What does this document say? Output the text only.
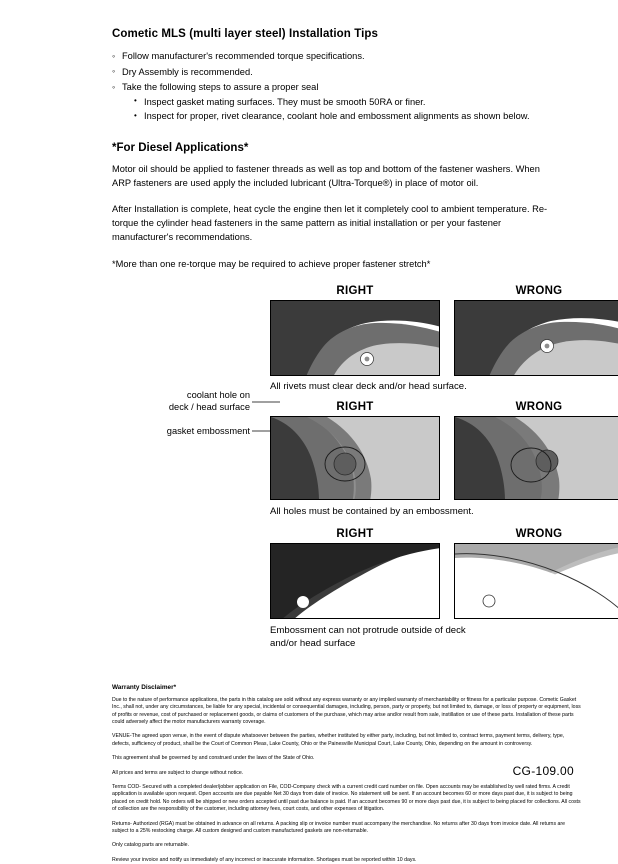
Cometic MLS (multi layer steel) Installation Tips
◦ Follow manufacturer's recommended torque specifications.
◦ Dry Assembly is recommended.
◦ Take the following steps to assure a proper seal
• Inspect gasket mating surfaces. They must be smooth 50RA or finer.
• Inspect for proper, rivet clearance, coolant hole and embossment alignments as shown below.
*For Diesel Applications*

Motor oil should be applied to fastener threads as well as top and bottom of the fastener washers. When ARP fasteners are used apply the included lubricant (Ultra-Torque®) in place of motor oil.

After Installation is complete, heat cycle the engine then let it completely cool to ambient temperature. Re-torque the cylinder head fasteners in the same pattern as initial installation or per your fastener manufacturer's recommendations.

*More than one re-torque may be required to achieve proper fastener stretch*

coolant hole on
deck / head surface
gasket embossment
RIGHT	WRONG
All rivets must clear deck and/or head surface.
RIGHT	WRONG
All holes must be contained by an embossment.
RIGHT	WRONG
Embossment can not protrude outside of deck
and/or head surface
Warranty Disclaimer*

Due to the nature of performance applications, the parts in this catalog are sold without any express warranty or any implied warranty of merchantability or fitness for a particular purpose. Cometic Gasket Inc., shall not, under any circumstances, be liable for any special, incidental or consequential damages, including, person, party or property, but not limited to, damage, or loss of property or equipment, loss of profits or revenue, cost of purchased or replacement goods, or claims of customers of the purchase, which may arise and/or result from sale, instillation or use of these parts. Installation of these parts could adversely affect the motor manufacturers warranty coverage.

VENUE-The agreed upon venue, in the event of dispute whatsoever between the parties, whether instituted by either party, including, but not limited to, contract terms, payment terms, delivery, type, defects, sufficiency of product, shall be the Court of Common Pleas, Lake County, Ohio or the Painesville Municipal Court, Lake County, Ohio, depending on the amount in controversy.

This agreement shall be governed by and construed under the laws of the State of Ohio.

All prices and terms are subject to change without notice.

Terms COD- Secured with a completed dealer/jobber application on File, COD-Company check with a current credit card number on file. Open accounts may be established by well rated firms. A credit application is available upon request. Open accounts are due payable Net 30 days from date of invoice. No statement will be sent. If an account becomes 60 or more days past due, it is subject to being placed on credit hold. No orders will be shipped or new orders accepted until past due balance is paid. If an account becomes 90 or more days past due, it is subject to being placed for collections. All costs of collection are the responsibility of the customer, including attorney fees, court costs, and other expenses of litigation.

Returns- Authorized (RGA) must be obtained in advance on all returns. A packing slip or invoice number must accompany the merchandise. No returns after 30 days from invoice date. All returns are subject to a 25% restocking charge. All custom designed and custom manufactured gaskets are non-returnable.

Only catalog parts are returnable.

Review your invoice and notify us immediately of any incorrect or inaccurate information. Shortages must be reported within 10 days.

CG-109.00
